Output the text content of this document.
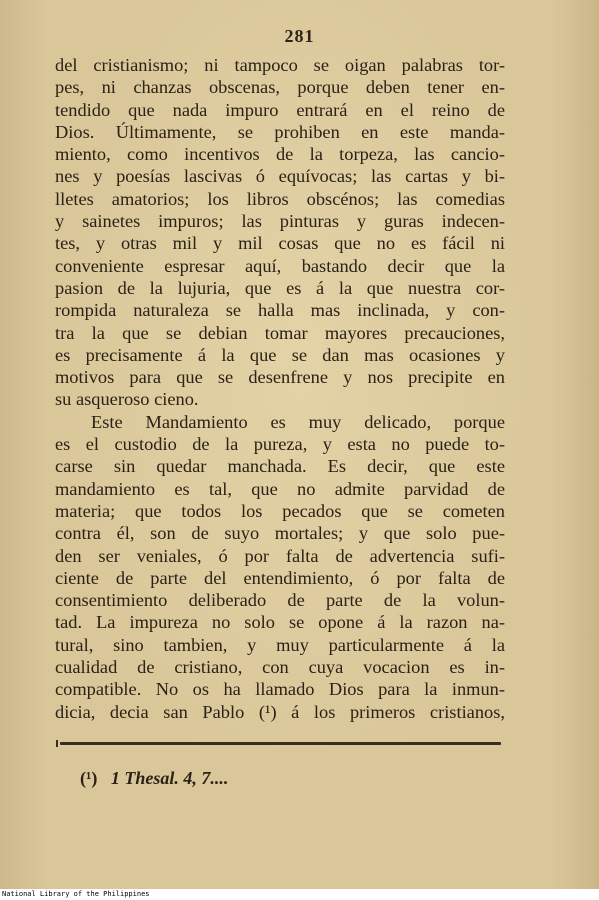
281
del cristianismo; ni tampoco se oigan palabras tor-
pes, ni chanzas obscenas, porque deben tener en-
tendido que nada impuro entrará en el reino de
Dios. Últimamente, se prohiben en este manda-
miento, como incentivos de la torpeza, las cancio-
nes y poesías lascivas ó equívocas; las cartas y bi-
lletes amatorios; los libros obscénos; las comedias
y sainetes impuros; las pinturas y guras indecen-
tes, y otras mil y mil cosas que no es fácil ni
conveniente espresar aquí, bastando decir que la
pasion de la lujuria, que es á la que nuestra cor-
rompida naturaleza se halla mas inclinada, y con-
tra la que se debian tomar mayores precauciones,
es precisamente á la que se dan mas ocasiones y
motivos para que se desenfrene y nos precipite en
su asqueroso cieno.
Este Mandamiento es muy delicado, porque
es el custodio de la pureza, y esta no puede to-
carse sin quedar manchada. Es decir, que este
mandamiento es tal, que no admite parvidad de
materia; que todos los pecados que se cometen
contra él, son de suyo mortales; y que solo pue-
den ser veniales, ó por falta de advertencia sufi-
ciente de parte del entendimiento, ó por falta de
consentimiento deliberado de parte de la volun-
tad. La impureza no solo se opone á la razon na-
tural, sino tambien, y muy particularmente á la
cualidad de cristiano, con cuya vocacion es in-
compatible. No os ha llamado Dios para la inmun-
dicia, decia san Pablo (¹) á los primeros cristianos,
(¹) 1 Thesal. 4, 7....
National Library of the Philippines
